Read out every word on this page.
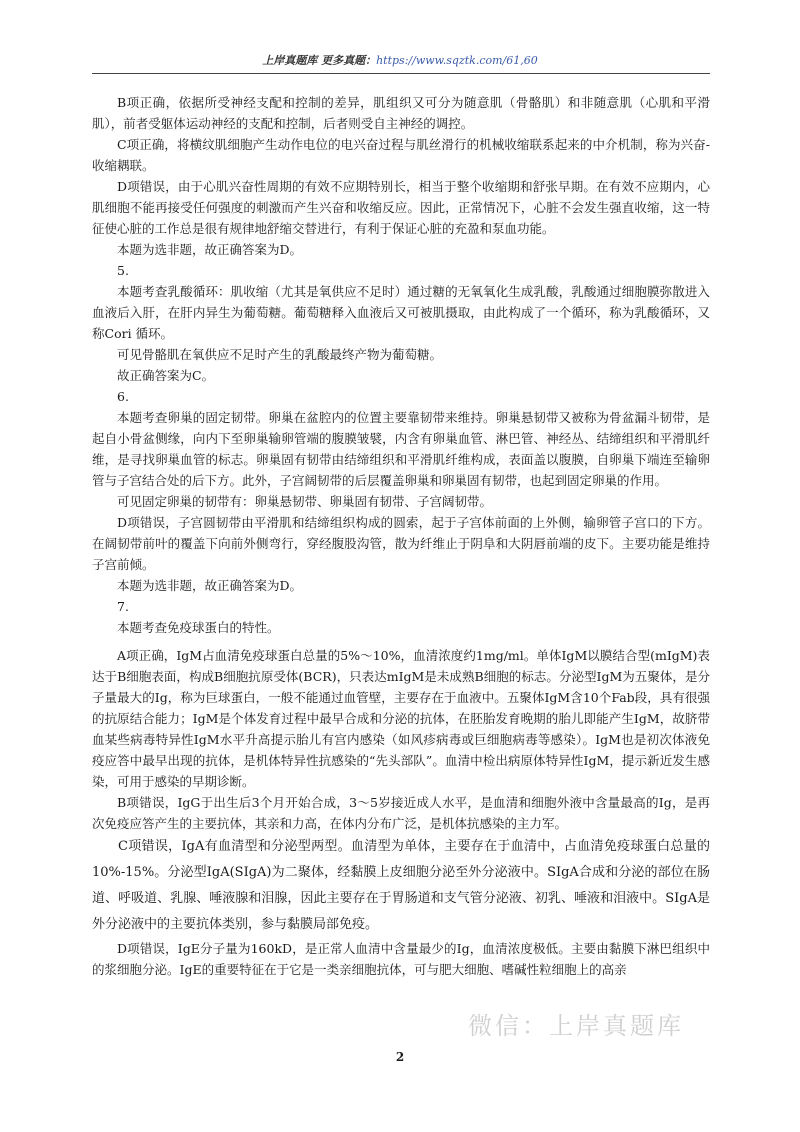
上岸真题库 更多真题：https://www.sqztk.com/61,60

B项正确，依据所受神经支配和控制的差异，肌组织又可分为随意肌（骨骼肌）和非随意肌（心肌和平滑肌），前者受躯体运动神经的支配和控制，后者则受自主神经的调控。

C项正确，将横纹肌细胞产生动作电位的电兴奋过程与肌丝滑行的机械收缩联系起来的中介机制，称为兴奋-收缩耦联。

D项错误，由于心肌兴奋性周期的有效不应期特别长，相当于整个收缩期和舒张早期。在有效不应期内，心肌细胞不能再接受任何强度的刺激而产生兴奋和收缩反应。因此，正常情况下，心脏不会发生强直收缩，这一特征使心脏的工作总是很有规律地舒缩交替进行，有利于保证心脏的充盈和泵血功能。

本题为选非题，故正确答案为D。

5.

本题考查乳酸循环：肌收缩（尤其是氧供应不足时）通过糖的无氧氧化生成乳酸，乳酸通过细胞膜弥散进入血液后入肝，在肝内异生为葡萄糖。葡萄糖释入血液后又可被肌摄取，由此构成了一个循环，称为乳酸循环，又称Cori 循环。

可见骨骼肌在氧供应不足时产生的乳酸最终产物为葡萄糖。

故正确答案为C。

6.

本题考查卵巢的固定韧带。卵巢在盆腔内的位置主要靠韧带来维持。卵巢悬韧带又被称为骨盆漏斗韧带，是起自小骨盆侧缘，向内下至卵巢输卵管端的腹膜皱襞，内含有卵巢血管、淋巴管、神经丛、结缔组织和平滑肌纤维，是寻找卵巢血管的标志。卵巢固有韧带由结缔组织和平滑肌纤维构成，表面盖以腹膜，自卵巢下端连至输卵管与子宫结合处的后下方。此外，子宫阔韧带的后层覆盖卵巢和卵巢固有韧带，也起到固定卵巢的作用。

可见固定卵巢的韧带有：卵巢悬韧带、卵巢固有韧带、子宫阔韧带。

D项错误，子宫圆韧带由平滑肌和结缔组织构成的圆索，起于子宫体前面的上外侧，输卵管子宫口的下方。在阔韧带前叶的覆盖下向前外侧弯行，穿经腹股沟管，散为纤维止于阴阜和大阴唇前端的皮下。主要功能是维持子宫前倾。

本题为选非题，故正确答案为D。

7.

本题考查免疫球蛋白的特性。

A项正确，IgM占血清免疫球蛋白总量的5%～10%，血清浓度约1mg/ml。单体IgM以膜结合型(mIgM)表达于B细胞表面，构成B细胞抗原受体(BCR)，只表达mIgM是未成熟B细胞的标志。分泌型IgM为五聚体，是分子量最大的Ig，称为巨球蛋白，一般不能通过血管壁，主要存在于血液中。五聚体IgM含10个Fab段，具有很强的抗原结合能力；IgM是个体发育过程中最早合成和分泌的抗体，在胚胎发育晚期的胎儿即能产生IgM，故脐带血某些病毒特异性IgM水平升高提示胎儿有宫内感染（如风疹病毒或巨细胞病毒等感染）。IgM也是初次体液免疫应答中最早出现的抗体，是机体特异性抗感染的“先头部队”。血清中检出病原体特异性IgM，提示新近发生感染，可用于感染的早期诊断。

B项错误，IgG于出生后3个月开始合成，3～5岁接近成人水平，是血清和细胞外液中含量最高的Ig，是再次免疫应答产生的主要抗体，其亲和力高，在体内分布广泛，是机体抗感染的主力军。

C项错误，IgA有血清型和分泌型两型。血清型为单体，主要存在于血清中，占血清免疫球蛋白总量的10%-15%。分泌型IgA(SIgA)为二聚体，经黏膜上皮细胞分泌至外分泌液中。SIgA合成和分泌的部位在肠道、呼吸道、乳腺、唾液腺和泪腺，因此主要存在于胃肠道和支气管分泌液、初乳、唾液和泪液中。SIgA是外分泌液中的主要抗体类别，参与黏膜局部免疫。

D项错误，IgE分子量为160kD，是正常人血清中含量最少的Ig，血清浓度极低。主要由黏膜下淋巴组织中的浆细胞分泌。IgE的重要特征在于它是一类亲细胞抗体，可与肥大细胞、嗜碱性粒细胞上的高亲

微信：上岸真题库
2
